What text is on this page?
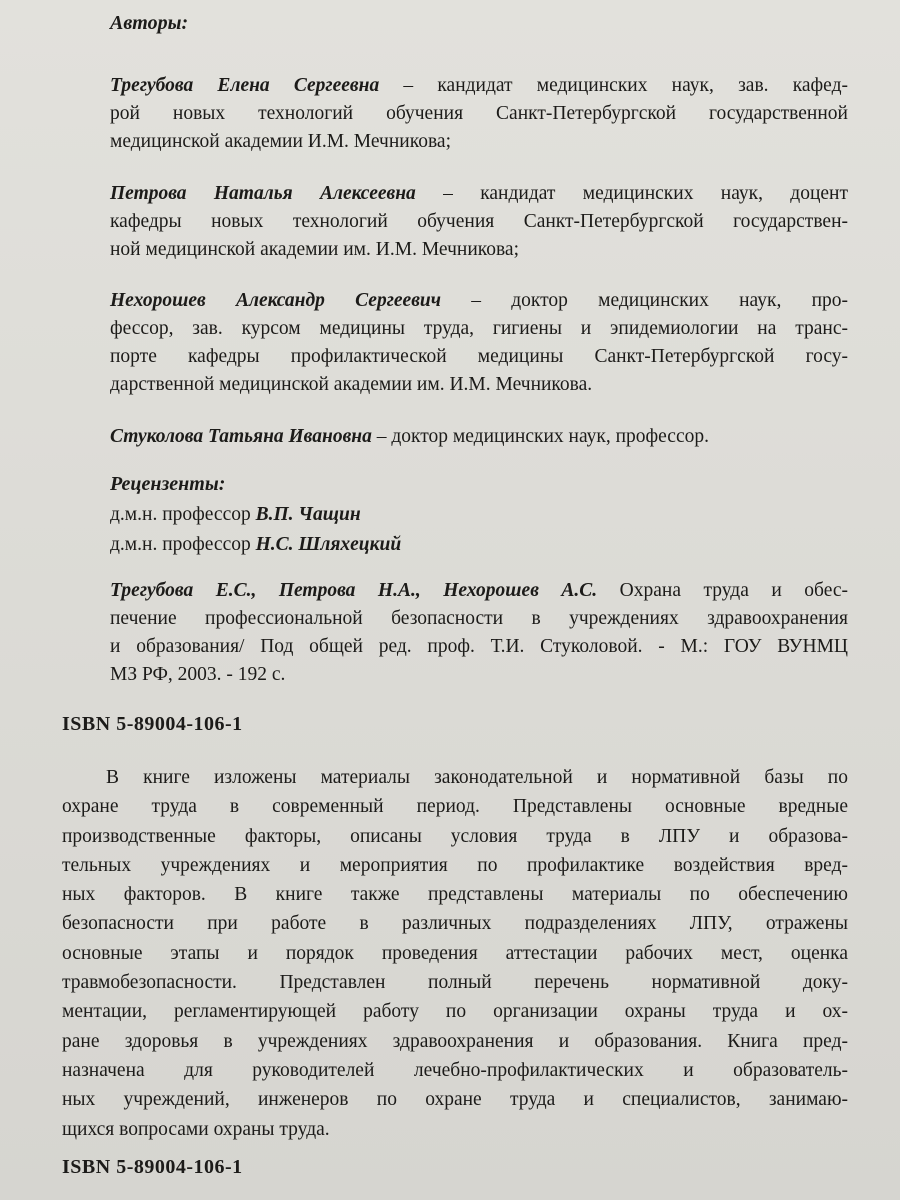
Авторы:
Трегубова Елена Сергеевна – кандидат медицинских наук, зав. кафед-
рой новых технологий обучения Санкт-Петербургской государственной
медицинской академии И.М. Мечникова;
Петрова Наталья Алексеевна – кандидат медицинских наук, доцент
кафедры новых технологий обучения Санкт-Петербургской государствен-
ной медицинской академии им. И.М. Мечникова;
Нехорошев Александр Сергеевич – доктор медицинских наук, про-
фессор, зав. курсом медицины труда, гигиены и эпидемиологии на транс-
порте кафедры профилактической медицины Санкт-Петербургской госу-
дарственной медицинской академии им. И.М. Мечникова.
Стуколова Татьяна Ивановна – доктор медицинских наук, профессор.
Рецензенты:
д.м.н. профессор В.П. Чащин
д.м.н. профессор Н.С. Шляхецкий
Трегубова Е.С., Петрова Н.А., Нехорошев А.С. Охрана труда и обес-
печение профессиональной безопасности в учреждениях здравоохранения
и образования/ Под общей ред. проф. Т.И. Стуколовой. - М.: ГОУ ВУНМЦ
МЗ РФ, 2003. - 192 с.
ISBN 5-89004-106-1
В книге изложены материалы законодательной и нормативной базы по
охране труда в современный период. Представлены основные вредные
производственные факторы, описаны условия труда в ЛПУ и образова-
тельных учреждениях и мероприятия по профилактике воздействия вред-
ных факторов. В книге также представлены материалы по обеспечению
безопасности при работе в различных подразделениях ЛПУ, отражены
основные этапы и порядок проведения аттестации рабочих мест, оценка
травмобезопасности. Представлен полный перечень нормативной доку-
ментации, регламентирующей работу по организации охраны труда и ох-
ране здоровья в учреждениях здравоохранения и образования. Книга пред-
назначена для руководителей лечебно-профилактических и образователь-
ных учреждений, инженеров по охране труда и специалистов, занимаю-
щихся вопросами охраны труда.
ISBN 5-89004-106-1
